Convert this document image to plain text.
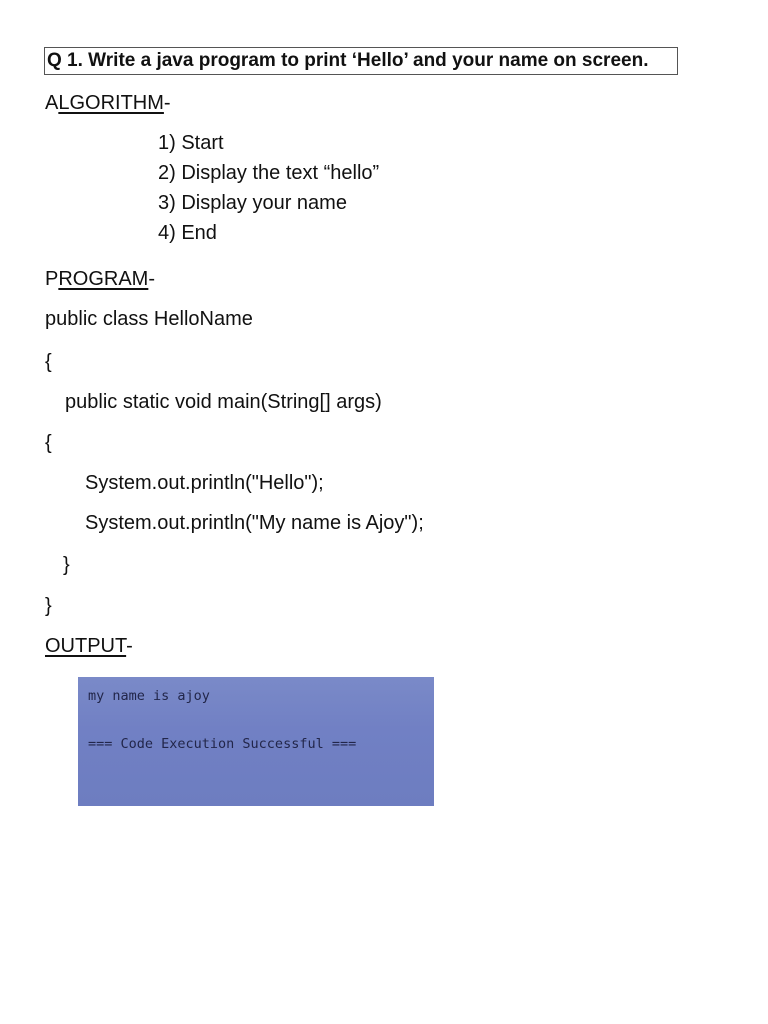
Q 1. Write a java program to print ‘Hello’ and your name on screen.
ALGORITHM-
1) Start
2) Display the text “hello”
3) Display your name
4) End
PROGRAM-
public class HelloName
{
public static void main(String[] args)
{
System.out.println("Hello");
System.out.println("My name is Ajoy");
}
}
OUTPUT-
my name is ajoy
=== Code Execution Successful ===
